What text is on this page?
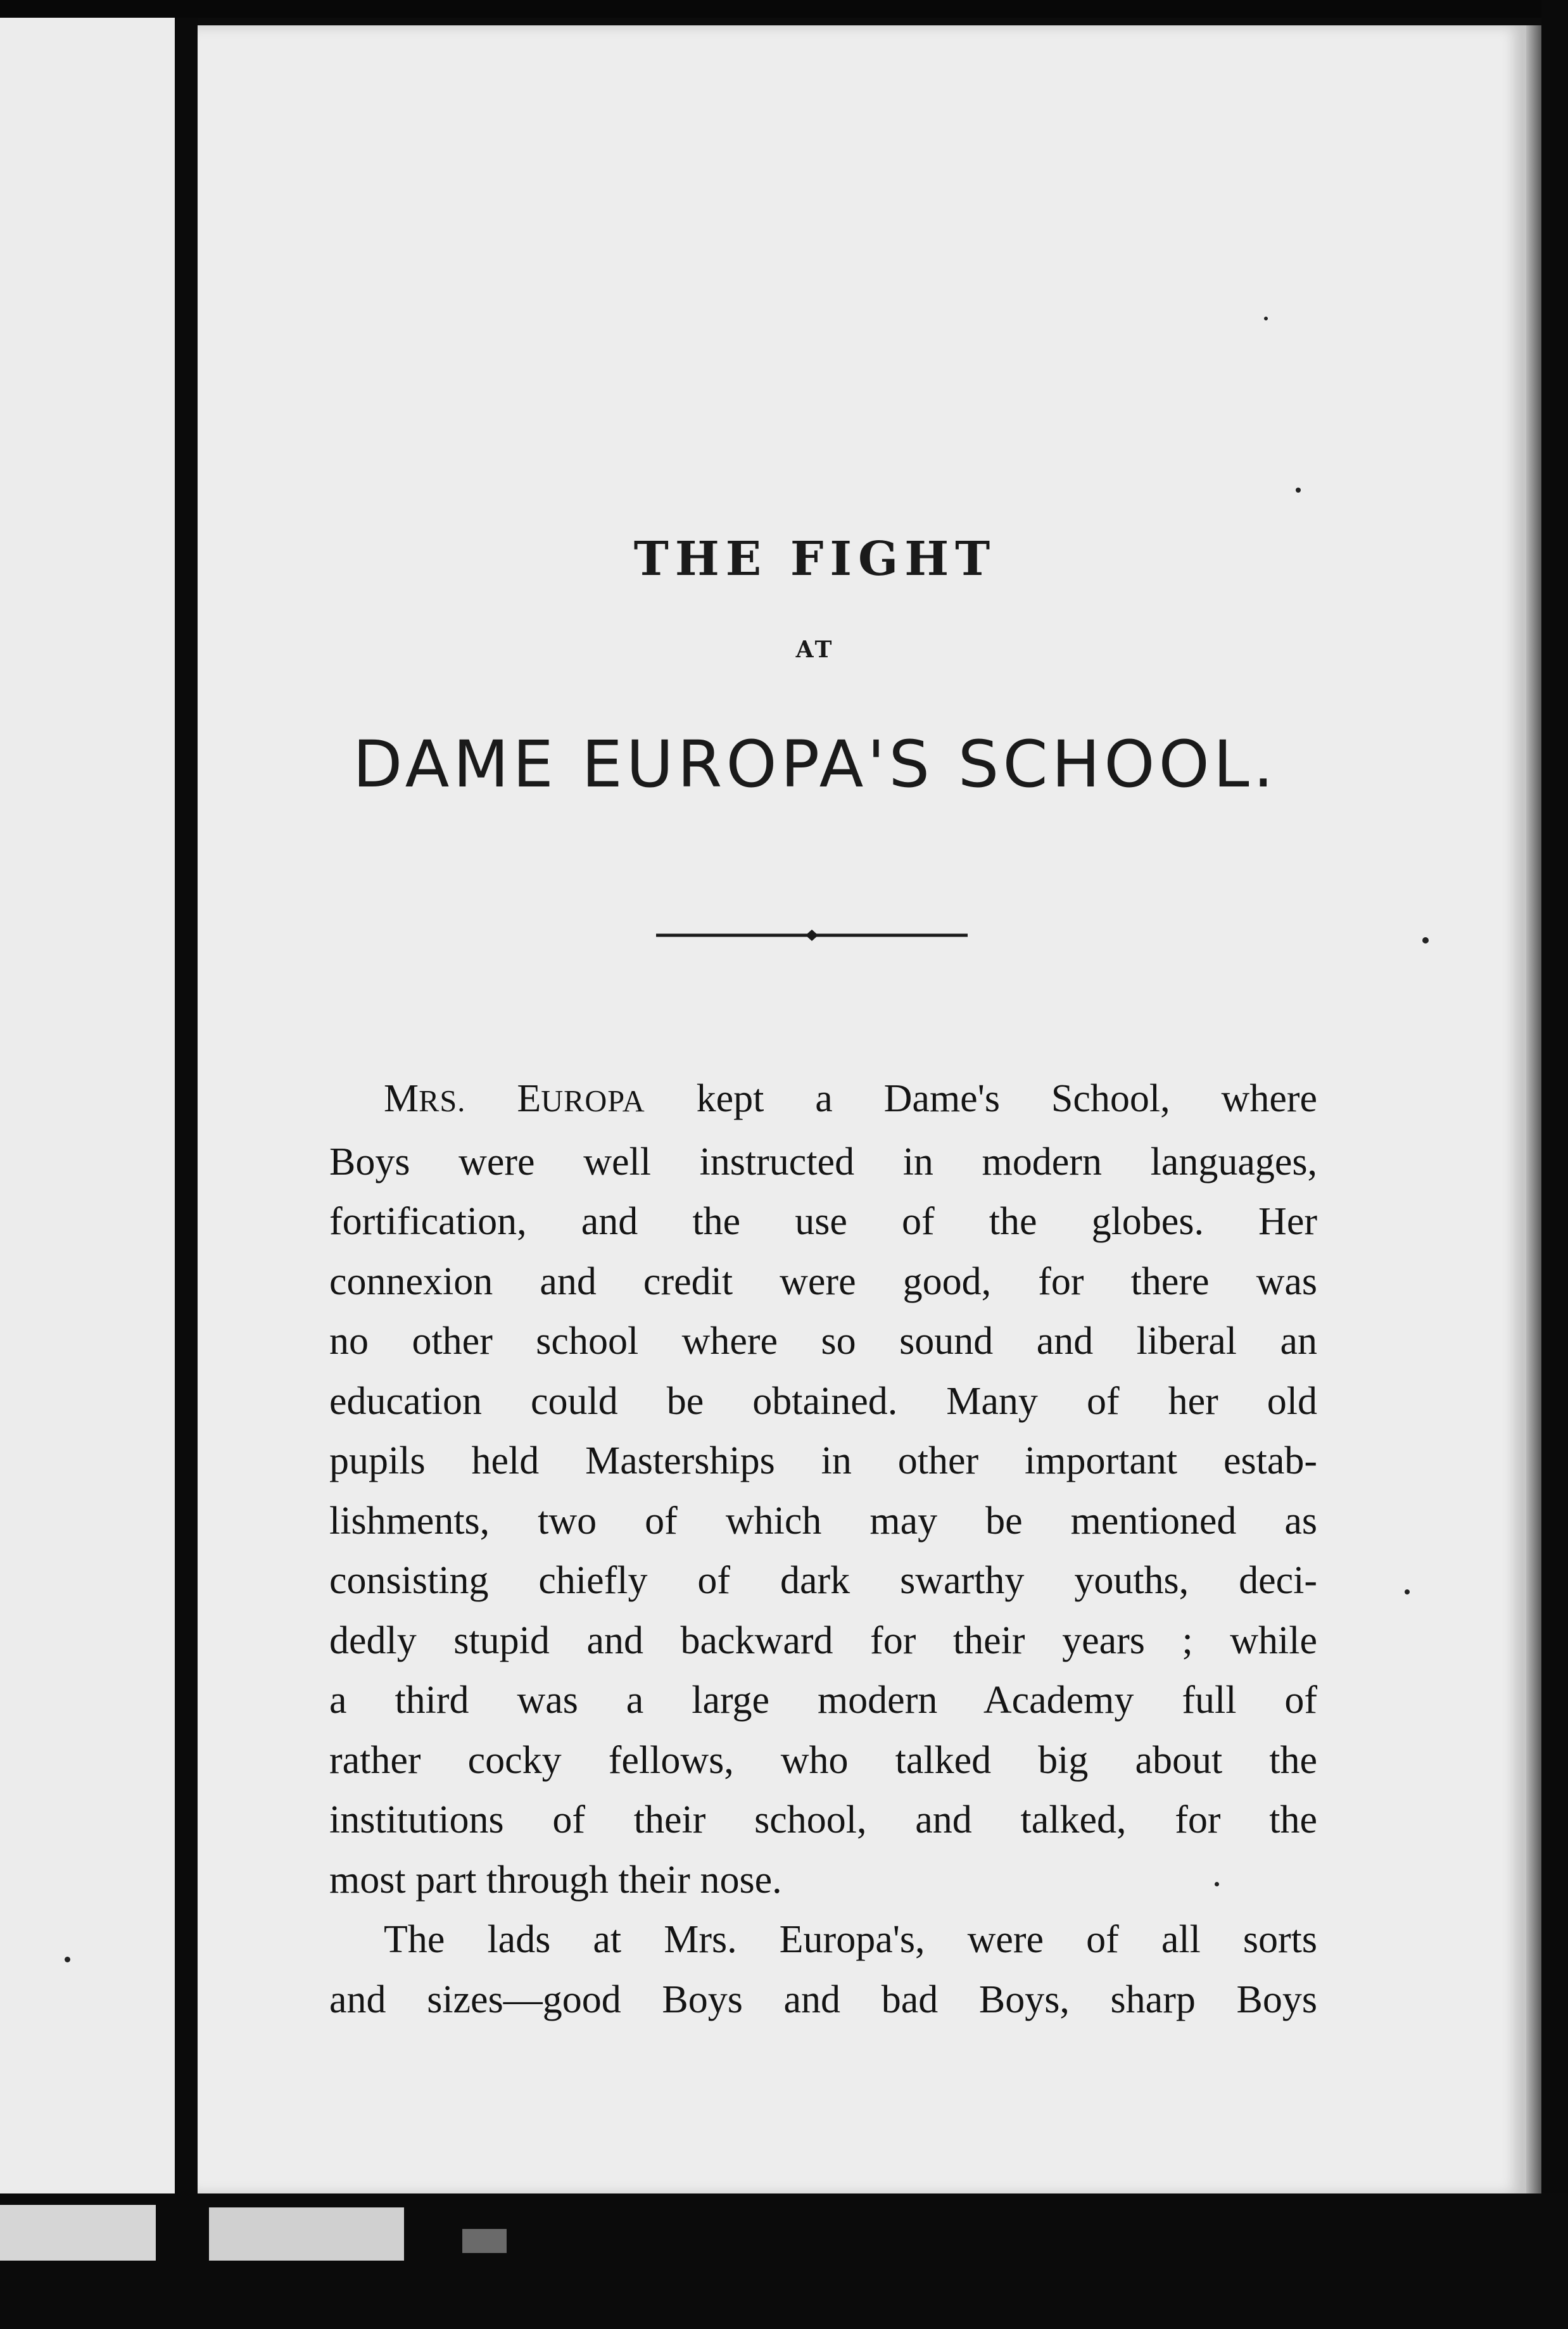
THE FIGHT
AT
DAME EUROPA'S SCHOOL.
MRS. EUROPA kept a Dame's School, where
Boys were well instructed in modern languages,
fortification, and the use of the globes. Her
connexion and credit were good, for there was
no other school where so sound and liberal an
education could be obtained. Many of her old
pupils held Masterships in other important estab-
lishments, two of which may be mentioned as
consisting chiefly of dark swarthy youths, deci-
dedly stupid and backward for their years ; while
a third was a large modern Academy full of
rather cocky fellows, who talked big about the
institutions of their school, and talked, for the
most part through their nose.
The lads at Mrs. Europa's, were of all sorts
and sizes—good Boys and bad Boys, sharp Boys
